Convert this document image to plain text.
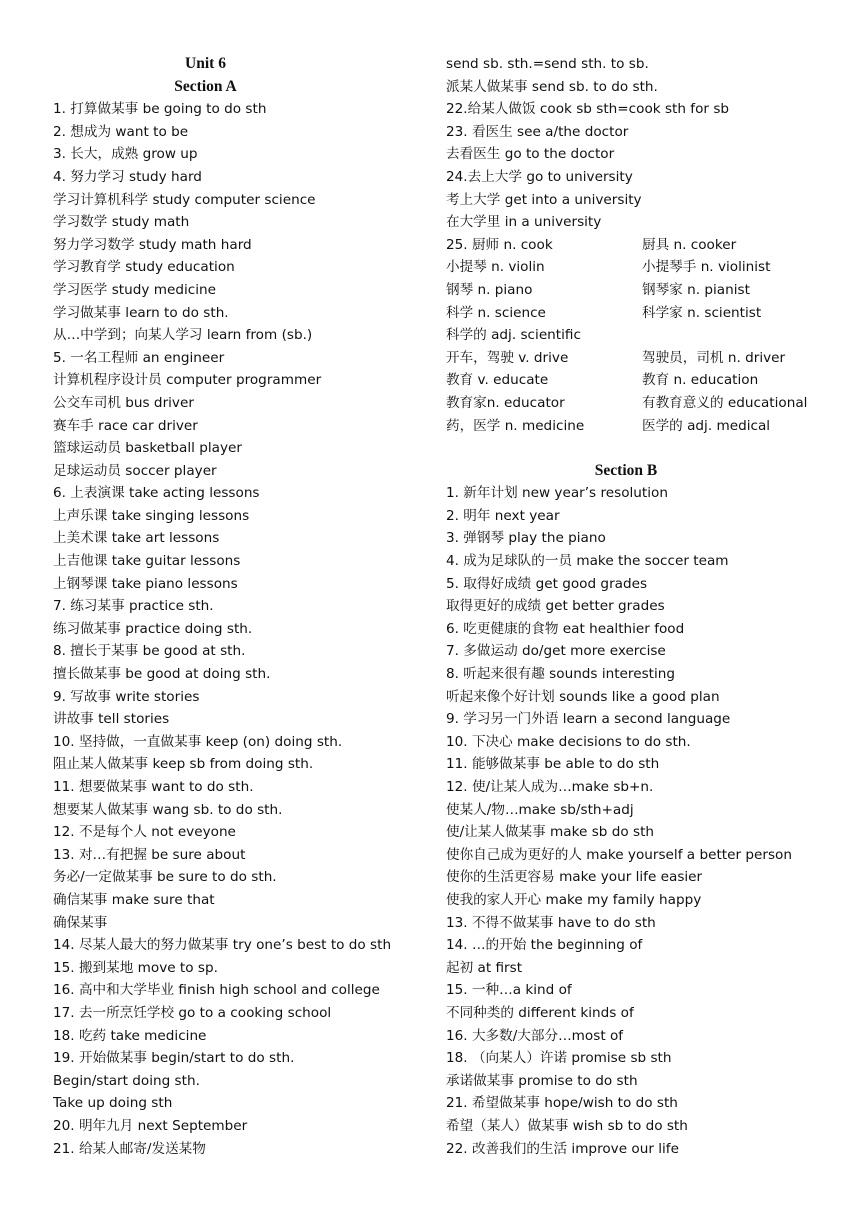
Unit 6
Section A
1. 打算做某事 be going to do sth
2. 想成为 want to be
3. 长大，成熟 grow up
4. 努力学习 study hard
学习计算机科学 study computer science
学习数学 study math
努力学习数学 study math hard
学习教育学 study education
学习医学 study medicine
学习做某事 learn to do sth.
从…中学到；向某人学习 learn from (sb.)
5. 一名工程师 an engineer
计算机程序设计员 computer programmer
公交车司机 bus driver
赛车手 race car driver
篮球运动员 basketball player
足球运动员 soccer player
6. 上表演课 take acting lessons
上声乐课 take singing lessons
上美术课 take art lessons
上吉他课 take guitar lessons
上钢琴课 take piano lessons
7. 练习某事 practice sth.
练习做某事 practice doing sth.
8. 擅长于某事 be good at sth.
擅长做某事 be good at doing sth.
9. 写故事 write stories
讲故事 tell stories
10. 坚持做，一直做某事 keep (on) doing sth.
阻止某人做某事 keep sb from doing sth.
11. 想要做某事 want to do sth.
想要某人做某事 wang sb. to do sth.
12. 不是每个人 not eveyone
13. 对…有把握 be sure about
务必/一定做某事 be sure to do sth.
确信某事 make sure that
确保某事
14. 尽某人最大的努力做某事 try one’s best to do sth
15. 搬到某地 move to sp.
16. 高中和大学毕业 finish high school and college
17. 去一所烹饪学校 go to a cooking school
18. 吃药 take medicine
19. 开始做某事 begin/start to do sth.
Begin/start doing sth.
Take up doing sth
20. 明年九月 next September
21. 给某人邮寄/发送某物
send sb. sth.=send sth. to sb.
派某人做某事 send sb. to do sth.
22.给某人做饭 cook sb sth=cook sth for sb
23. 看医生 see a/the doctor
去看医生 go to the doctor
24.去上大学 go to university
考上大学 get into a university
在大学里 in a university
25. 厨师 n. cook	厨具 n. cooker
小提琴 n. violin	小提琴手 n. violinist
钢琴 n. piano	钢琴家 n. pianist
科学 n. science	科学家 n. scientist
科学的 adj. scientific
开车，驾驶 v. drive	驾驶员，司机 n. driver
教育 v. educate	教育 n. education
教育家n. educator	有教育意义的 educational
药，医学 n. medicine	医学的 adj. medical
Section B
1. 新年计划 new year’s resolution
2. 明年 next year
3. 弹钢琴 play the piano
4. 成为足球队的一员 make the soccer team
5. 取得好成绩 get good grades
取得更好的成绩 get better grades
6. 吃更健康的食物 eat healthier food
7. 多做运动 do/get more exercise
8. 听起来很有趣 sounds interesting
听起来像个好计划 sounds like a good plan
9. 学习另一门外语 learn a second language
10. 下决心 make decisions to do sth.
11. 能够做某事 be able to do sth
12. 使/让某人成为…make sb+n.
使某人/物…make sb/sth+adj
使/让某人做某事 make sb do sth
使你自己成为更好的人 make yourself a better person
使你的生活更容易 make your life easier
使我的家人开心 make my family happy
13. 不得不做某事 have to do sth
14. …的开始 the beginning of
起初 at first
15. 一种…a kind of
不同种类的 different kinds of
16. 大多数/大部分…most of
18. （向某人）许诺 promise sb sth
承诺做某事 promise to do sth
21. 希望做某事 hope/wish to do sth
希望（某人）做某事 wish sb to do sth
22. 改善我们的生活 improve our life
